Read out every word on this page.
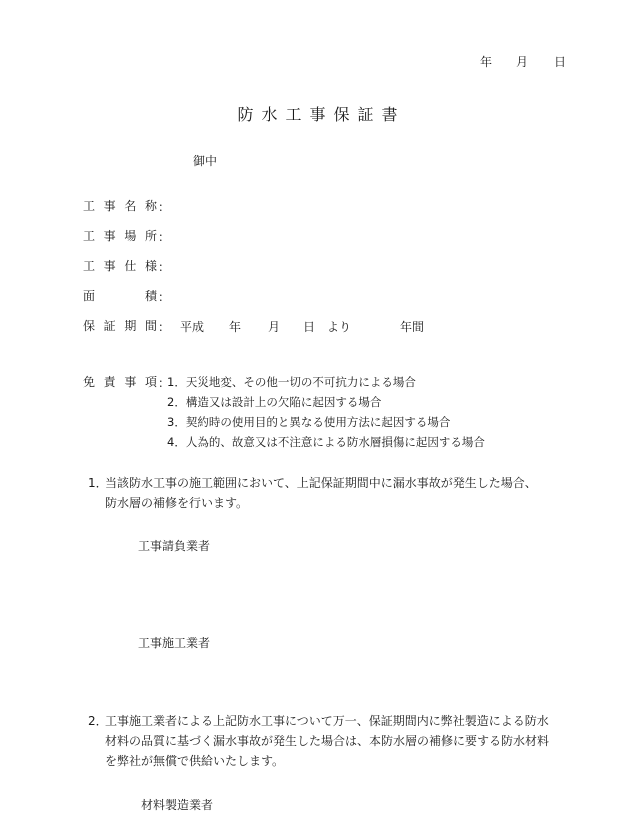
年	月	日
防水工事保証書
御中
工 事 名 称 ：
工 事 場 所 ：
工 事 仕 様 ：
面	積 ：
保 証 期 間 ： 平成 年 月 日 より	年間
免 責 事 項 ：
1．天災地変、その他一切の不可抗力による場合
2．構造又は設計上の欠陥に起因する場合
3．契約時の使用目的と異なる使用方法に起因する場合
4．人為的、故意又は不注意による防水層損傷に起因する場合
1．当該防水工事の施工範囲において、上記保証期間中に漏水事故が発生した場合、
防水層の補修を行います。
工事請負業者
工事施工業者
2．工事施工業者による上記防水工事について万一、保証期間内に弊社製造による防水
材料の品質に基づく漏水事故が発生した場合は、本防水層の補修に要する防水材料
を弊社が無償で供給いたします。
材料製造業者
